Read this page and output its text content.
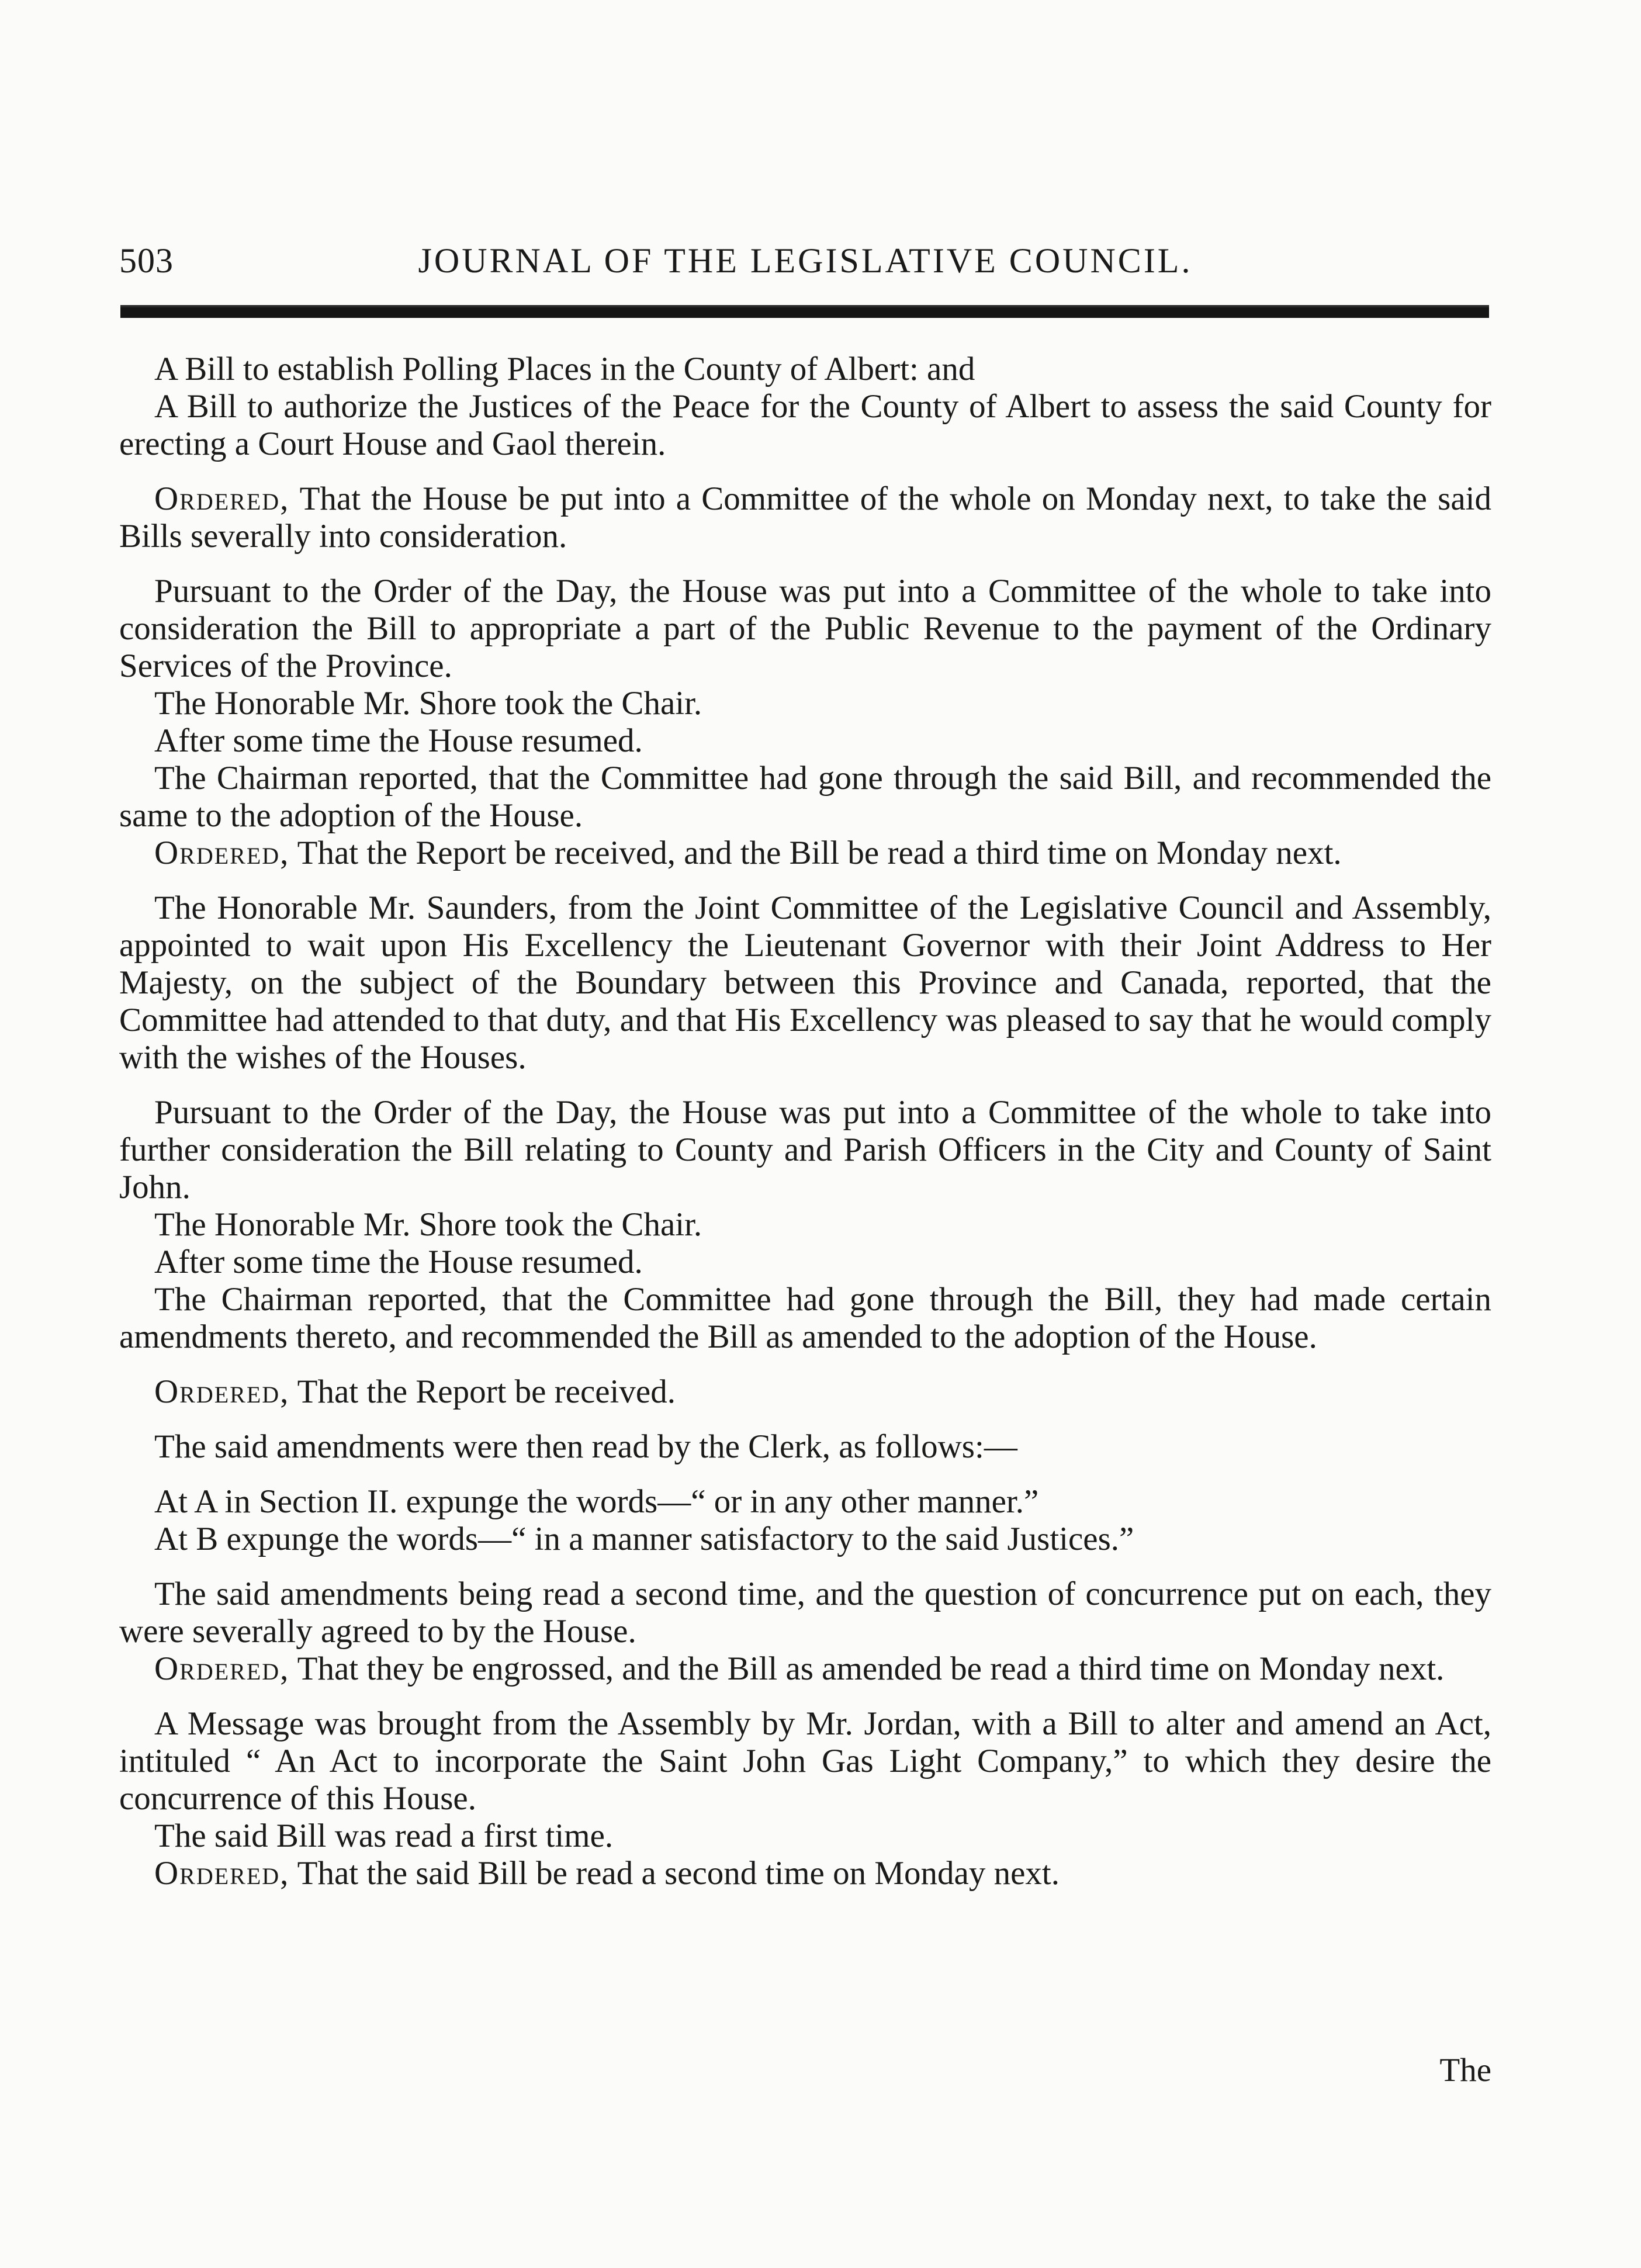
503	JOURNAL OF THE LEGISLATIVE COUNCIL.

A Bill to establish Polling Places in the County of Albert: and

A Bill to authorize the Justices of the Peace for the County of Albert to assess the said County for erecting a Court House and Gaol therein.

Ordered, That the House be put into a Committee of the whole on Monday next, to take the said Bills severally into consideration.

Pursuant to the Order of the Day, the House was put into a Committee of the whole to take into consideration the Bill to appropriate a part of the Public Revenue to the payment of the Ordinary Services of the Province.

The Honorable Mr. Shore took the Chair.

After some time the House resumed.

The Chairman reported, that the Committee had gone through the said Bill, and recommended the same to the adoption of the House.

Ordered, That the Report be received, and the Bill be read a third time on Monday next.

The Honorable Mr. Saunders, from the Joint Committee of the Legislative Council and Assembly, appointed to wait upon His Excellency the Lieutenant Governor with their Joint Address to Her Majesty, on the subject of the Boundary between this Province and Canada, reported, that the Committee had attended to that duty, and that His Excellency was pleased to say that he would comply with the wishes of the Houses.

Pursuant to the Order of the Day, the House was put into a Committee of the whole to take into further consideration the Bill relating to County and Parish Officers in the City and County of Saint John.

The Honorable Mr. Shore took the Chair.

After some time the House resumed.

The Chairman reported, that the Committee had gone through the Bill, they had made certain amendments thereto, and recommended the Bill as amended to the adoption of the House.

Ordered, That the Report be received.

The said amendments were then read by the Clerk, as follows:—

At A in Section II. expunge the words—“ or in any other manner.”

At B expunge the words—“ in a manner satisfactory to the said Justices.”

The said amendments being read a second time, and the question of concurrence put on each, they were severally agreed to by the House.

Ordered, That they be engrossed, and the Bill as amended be read a third time on Monday next.

A Message was brought from the Assembly by Mr. Jordan, with a Bill to alter and amend an Act, intituled “ An Act to incorporate the Saint John Gas Light Company,” to which they desire the concurrence of this House.

The said Bill was read a first time.

Ordered, That the said Bill be read a second time on Monday next.

The
